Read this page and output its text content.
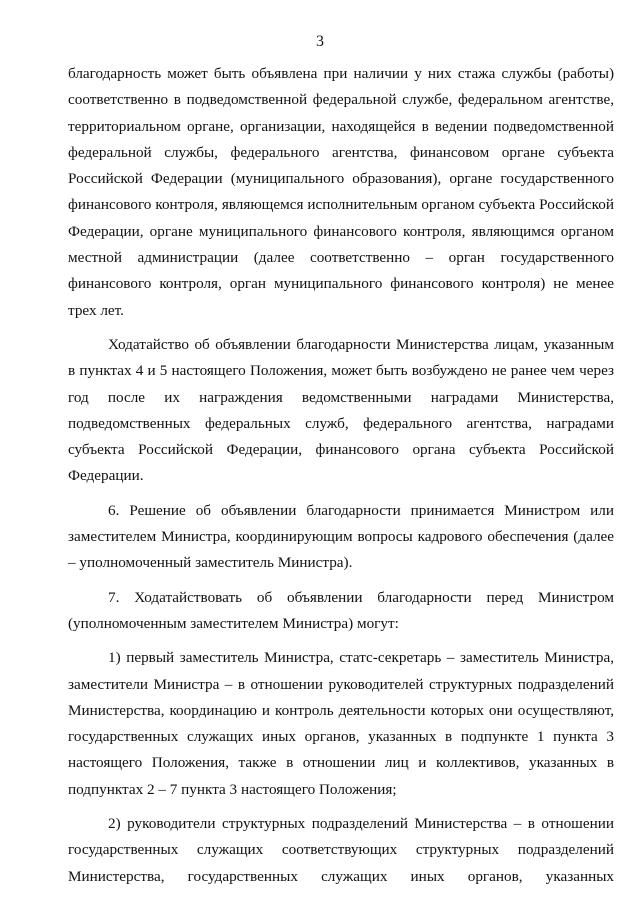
3

благодарность может быть объявлена при наличии у них стажа службы (работы) соответственно в подведомственной федеральной службе, федеральном агентстве, территориальном органе, организации, находящейся в ведении подведомственной федеральной службы, федерального агентства, финансовом органе субъекта Российской Федерации (муниципального образования), органе государственного финансового контроля, являющемся исполнительным органом субъекта Российской Федерации, органе муниципального финансового контроля, являющимся органом местной администрации (далее соответственно – орган государственного финансового контроля, орган муниципального финансового контроля) не менее трех лет.

Ходатайство об объявлении благодарности Министерства лицам, указанным в пунктах 4 и 5 настоящего Положения, может быть возбуждено не ранее чем через год после их награждения ведомственными наградами Министерства, подведомственных федеральных служб, федерального агентства, наградами субъекта Российской Федерации, финансового органа субъекта Российской Федерации.

6. Решение об объявлении благодарности принимается Министром или заместителем Министра, координирующим вопросы кадрового обеспечения (далее – уполномоченный заместитель Министра).

7. Ходатайствовать об объявлении благодарности перед Министром (уполномоченным заместителем Министра) могут:

1) первый заместитель Министра, статс-секретарь – заместитель Министра, заместители Министра – в отношении руководителей структурных подразделений Министерства, координацию и контроль деятельности которых они осуществляют, государственных служащих иных органов, указанных в подпункте 1 пункта 3 настоящего Положения, также в отношении лиц и коллективов, указанных в подпунктах 2 – 7 пункта 3 настоящего Положения;

2) руководители структурных подразделений Министерства – в отношении государственных служащих соответствующих структурных подразделений Министерства, государственных служащих иных органов, указанных
